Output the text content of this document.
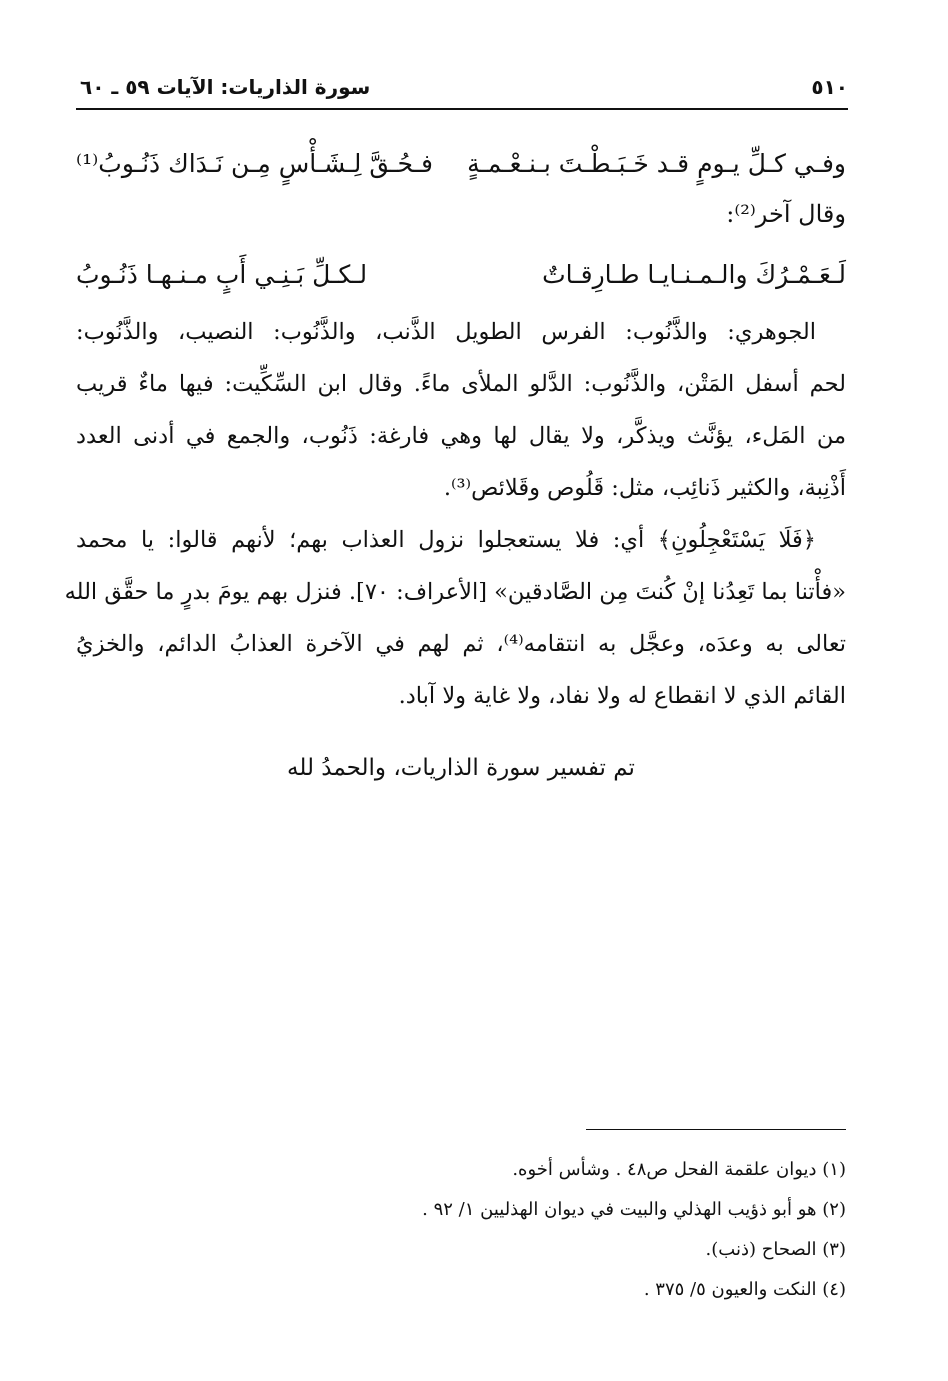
٥١٠
سورة الذاريات: الآيات ٥٩ ـ ٦٠
وفـي كـلِّ يـومٍ قـد خَـبَـطْـتَ بـنـعْـمـةٍ
فـحُـقَّ لِـشَـأْسٍ مِـن نَـدَاك ذَنُـوبُ⁽¹⁾
وقال آخر⁽²⁾:
لَـعَـمْـرُكَ والـمـنـايـا طـارِقـاتٌ
لـكـلِّ بَـنِـي أَبٍ مـنـهـا ذَنُـوبُ

الجوهري: والذَّنُوب: الفرس الطويل الذَّنب، والذَّنُوب: النصيب، والذَّنُوب:
لحم أسفل المَتْن، والذَّنُوب: الدَّلو الملأى ماءً. وقال ابن السِّكِّيت: فيها ماءٌ قريب
من المَلء، يؤنَّث ويذكَّر، ولا يقال لها وهي فارغة: ذَنُوب، والجمع في أدنى العدد
أَذْنِبة، والكثير ذَنائِب، مثل: قَلُوص وقَلائص⁽³⁾.

﴿فَلَا يَسْتَعْجِلُونِ﴾ أي: فلا يستعجلوا نزول العذاب بهم؛ لأنهم قالوا: يا محمد
«فأْتنا بما تَعِدُنا إنْ كُنتَ مِن الصَّادقين» [الأعراف: ٧٠]. فنزل بهم يومَ بدرٍ ما حقَّق الله
تعالى به وعدَه، وعجَّل به انتقامه⁽⁴⁾، ثم لهم في الآخرة العذابُ الدائم، والخزيُ
القائم الذي لا انقطاع له ولا نفاد، ولا غاية ولا آباد.

تم تفسير سورة الذاريات، والحمدُ لله
(١) ديوان علقمة الفحل ص٤٨ . وشأس أخوه.
(٢) هو أبو ذؤيب الهذلي والبيت في ديوان الهذليين ١/ ٩٢ .
(٣) الصحاح (ذنب).
(٤) النكت والعيون ٥/ ٣٧٥ .
